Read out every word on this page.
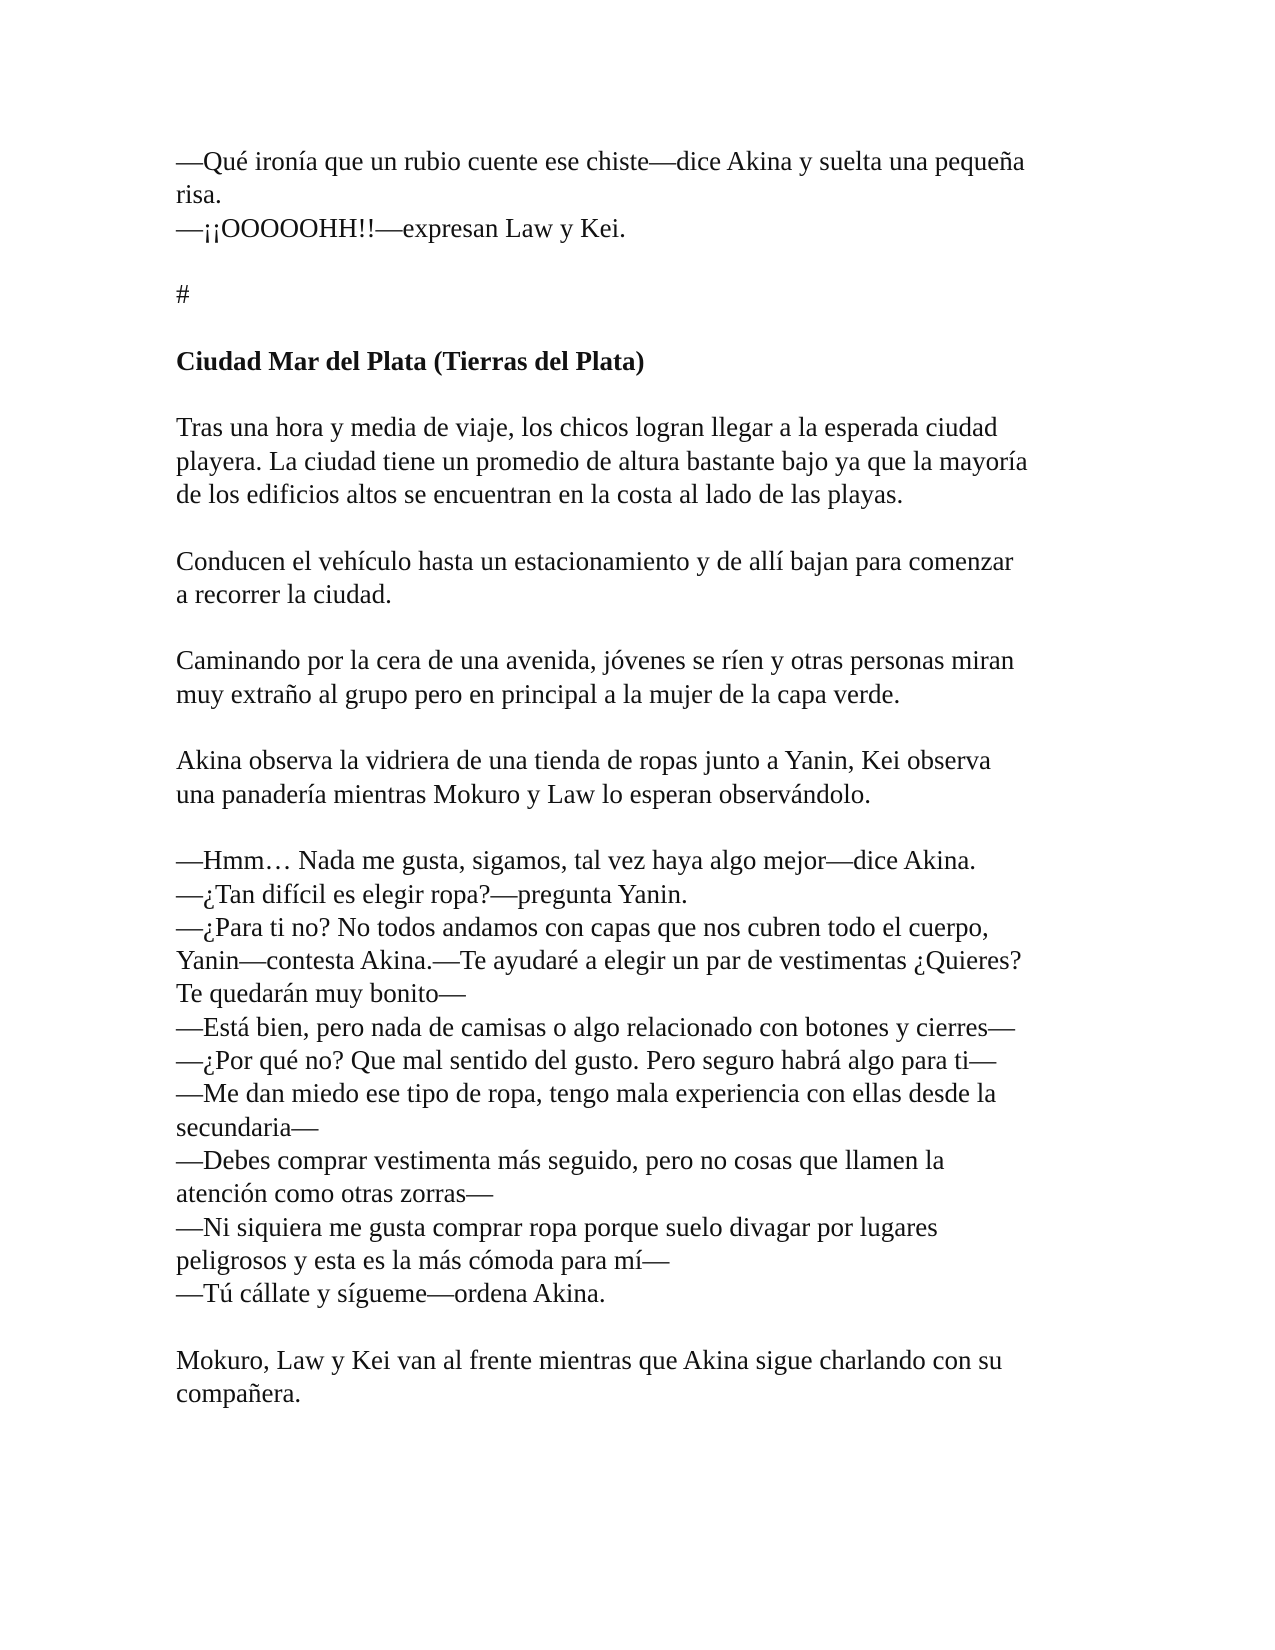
—Qué ironía que un rubio cuente ese chiste—dice Akina y suelta una pequeña
risa.
—¡¡OOOOOHH!!—expresan Law y Kei.
#
Ciudad Mar del Plata (Tierras del Plata)
Tras una hora y media de viaje, los chicos logran llegar a la esperada ciudad
playera. La ciudad tiene un promedio de altura bastante bajo ya que la mayoría
de los edificios altos se encuentran en la costa al lado de las playas.
Conducen el vehículo hasta un estacionamiento y de allí bajan para comenzar
a recorrer la ciudad.
Caminando por la cera de una avenida, jóvenes se ríen y otras personas miran
muy extraño al grupo pero en principal a la mujer de la capa verde.
Akina observa la vidriera de una tienda de ropas junto a Yanin, Kei observa
una panadería mientras Mokuro y Law lo esperan observándolo.
—Hmm… Nada me gusta, sigamos, tal vez haya algo mejor—dice Akina.
—¿Tan difícil es elegir ropa?—pregunta Yanin.
—¿Para ti no? No todos andamos con capas que nos cubren todo el cuerpo,
Yanin—contesta Akina.—Te ayudaré a elegir un par de vestimentas ¿Quieres?
Te quedarán muy bonito—
—Está bien, pero nada de camisas o algo relacionado con botones y cierres—
—¿Por qué no? Que mal sentido del gusto. Pero seguro habrá algo para ti—
—Me dan miedo ese tipo de ropa, tengo mala experiencia con ellas desde la
secundaria—
—Debes comprar vestimenta más seguido, pero no cosas que llamen la
atención como otras zorras—
—Ni siquiera me gusta comprar ropa porque suelo divagar por lugares
peligrosos y esta es la más cómoda para mí—
—Tú cállate y sígueme—ordena Akina.
Mokuro, Law y Kei van al frente mientras que Akina sigue charlando con su
compañera.
